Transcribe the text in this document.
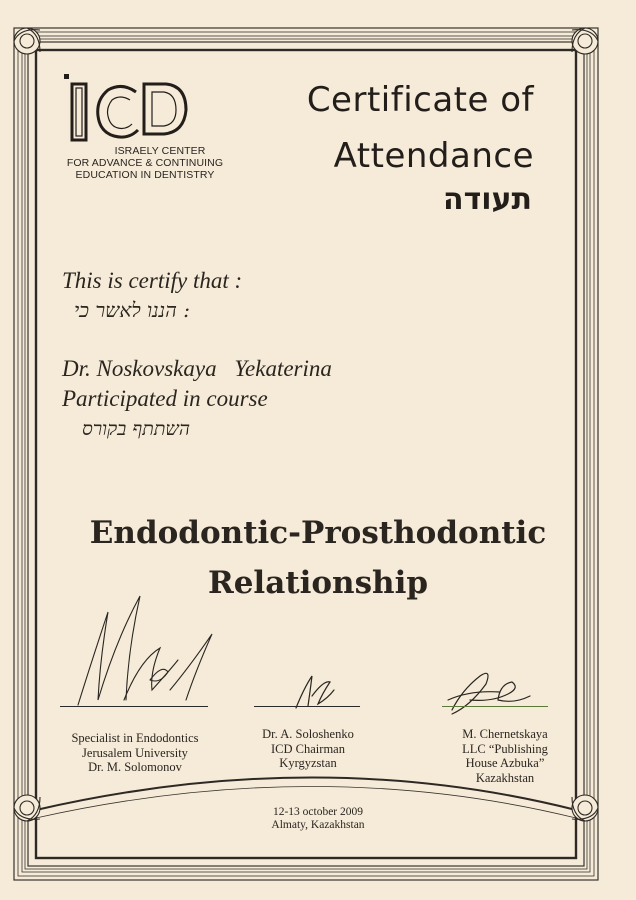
ISRAELY CENTER
FOR ADVANCE & CONTINUING
EDUCATION IN DENTISTRY
Certificate of
Attendance
תעודה
This is certify that :
: הננו לאשר כי
Dr. Noskovskaya Yekaterina
Participated in course
השתתף בקורס
Endodontic-Prosthodontic
Relationship
Specialist in Endodontics
Jerusalem University
Dr. M. Solomonov
Dr. A. Soloshenko
ICD Chairman
Kyrgyzstan
M. Chernetskaya
LLC “Publishing
House Azbuka”
Kazakhstan
12-13 october 2009
Almaty, Kazakhstan
